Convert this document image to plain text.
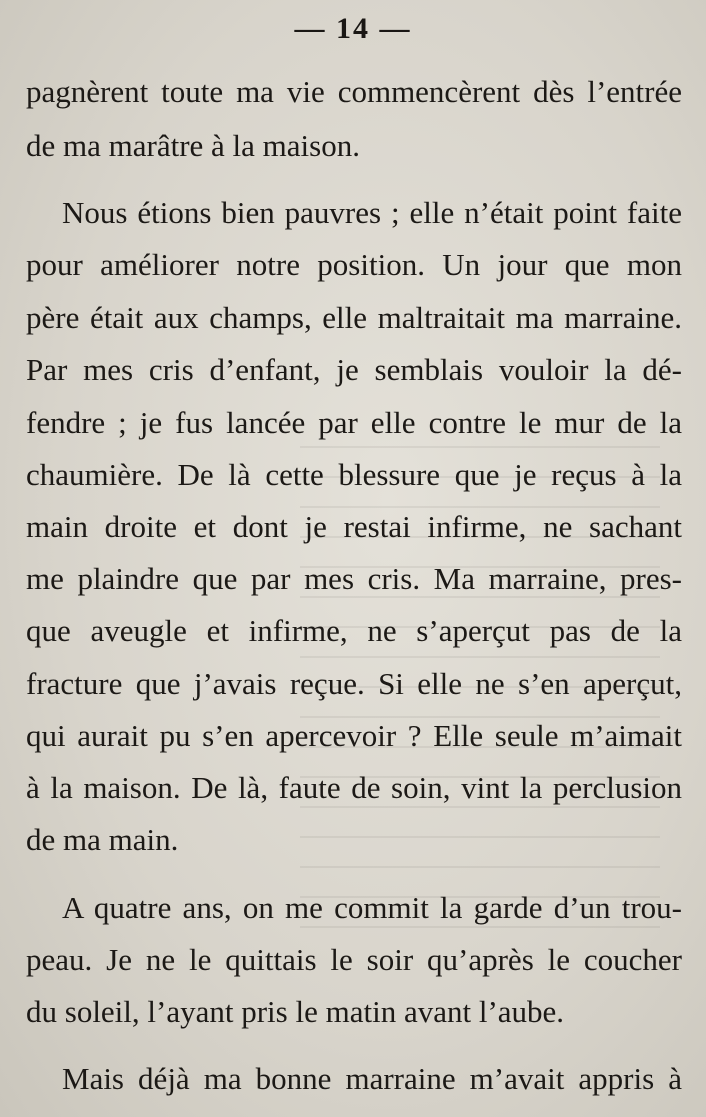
— 14 —
pagnèrent toute ma vie commencèrent dès l’entrée
de ma marâtre à la maison.
Nous étions bien pauvres ; elle n’était point faite
pour améliorer notre position. Un jour que mon
père était aux champs, elle maltraitait ma marraine.
Par mes cris d’enfant, je semblais vouloir la dé-
fendre ; je fus lancée par elle contre le mur de la
chaumière. De là cette blessure que je reçus à la
main droite et dont je restai infirme, ne sachant
me plaindre que par mes cris. Ma marraine, pres-
que aveugle et infirme, ne s’aperçut pas de la
fracture que j’avais reçue. Si elle ne s’en aperçut,
qui aurait pu s’en apercevoir ? Elle seule m’aimait
à la maison. De là, faute de soin, vint la perclusion
de ma main.
A quatre ans, on me commit la garde d’un trou-
peau. Je ne le quittais le soir qu’après le coucher
du soleil, l’ayant pris le matin avant l’aube.
Mais déjà ma bonne marraine m’avait appris à
